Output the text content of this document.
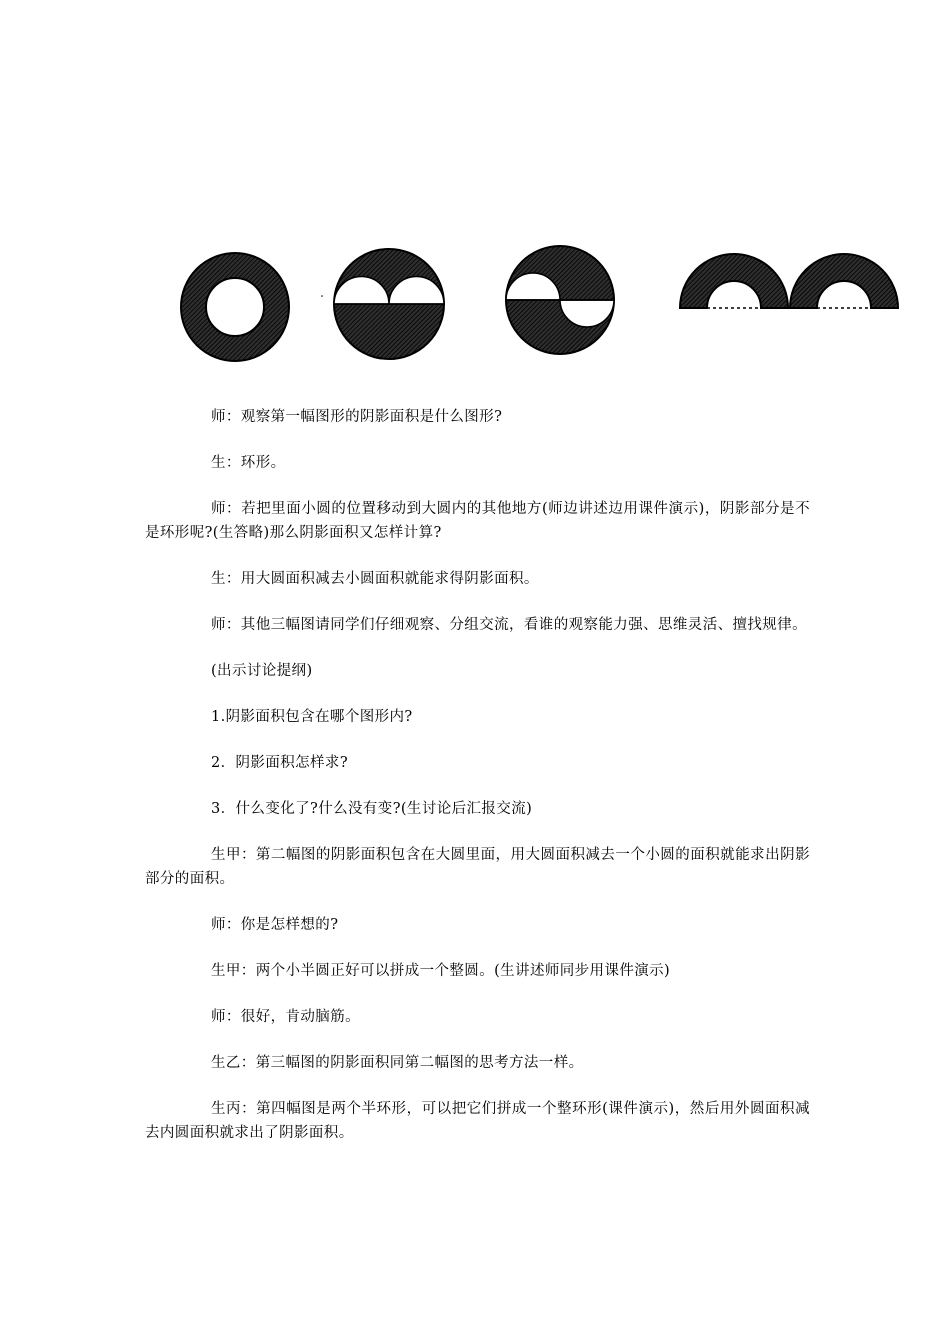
师：观察第一幅图形的阴影面积是什么图形?

生：环形。

师：若把里面小圆的位置移动到大圆内的其他地方(师边讲述边用课件演示)，阴影部分是不是环形呢?(生答略)那么阴影面积又怎样计算?

生：用大圆面积减去小圆面积就能求得阴影面积。

师：其他三幅图请同学们仔细观察、分组交流，看谁的观察能力强、思维灵活、擅找规律。

(出示讨论提纲)

1.阴影面积包含在哪个图形内?

2．阴影面积怎样求?

3．什么变化了?什么没有变?(生讨论后汇报交流)

生甲：第二幅图的阴影面积包含在大圆里面，用大圆面积减去一个小圆的面积就能求出阴影部分的面积。

师：你是怎样想的?

生甲：两个小半圆正好可以拼成一个整圆。(生讲述师同步用课件演示)

师：很好，肯动脑筋。

生乙：第三幅图的阴影面积同第二幅图的思考方法一样。

生丙：第四幅图是两个半环形，可以把它们拼成一个整环形(课件演示)，然后用外圆面积减去内圆面积就求出了阴影面积。
